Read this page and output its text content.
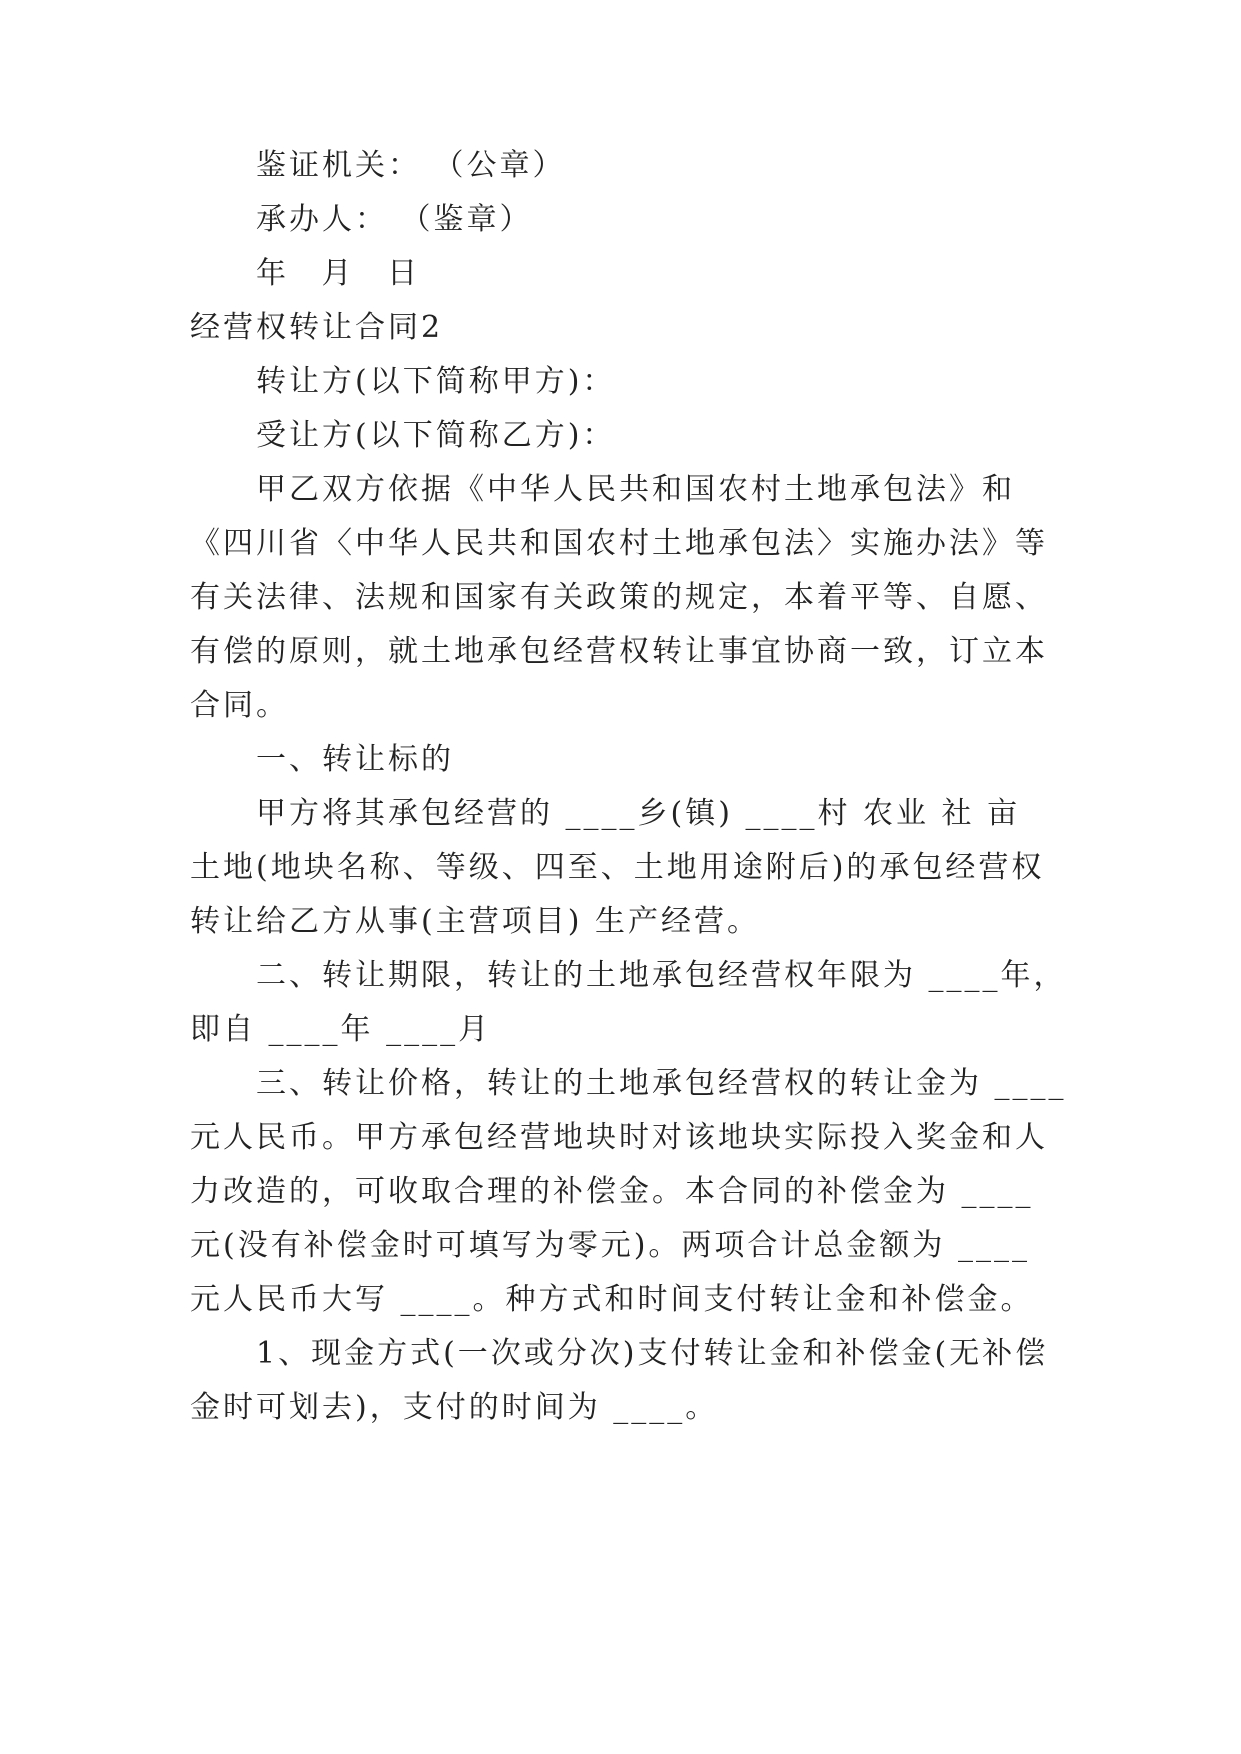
鉴证机关： （公章）
承办人： （鉴章）
年 月 日
经营权转让合同2
转让方(以下简称甲方)：
受让方(以下简称乙方)：
甲乙双方依据《中华人民共和国农村土地承包法》和
《四川省〈中华人民共和国农村土地承包法〉实施办法》等
有关法律、法规和国家有关政策的规定，本着平等、自愿、
有偿的原则，就土地承包经营权转让事宜协商一致，订立本
合同。
一、转让标的
甲方将其承包经营的 ____乡(镇) ____村 农业 社 亩
土地(地块名称、等级、四至、土地用途附后)的承包经营权
转让给乙方从事(主营项目) 生产经营。
二、转让期限，转让的土地承包经营权年限为 ____年，
即自 ____年 ____月
三、转让价格，转让的土地承包经营权的转让金为 ____
元人民币。甲方承包经营地块时对该地块实际投入奖金和人
力改造的，可收取合理的补偿金。本合同的补偿金为 ____
元(没有补偿金时可填写为零元)。两项合计总金额为 ____
元人民币大写 ____。种方式和时间支付转让金和补偿金。
1、现金方式(一次或分次)支付转让金和补偿金(无补偿
金时可划去)，支付的时间为 ____。
